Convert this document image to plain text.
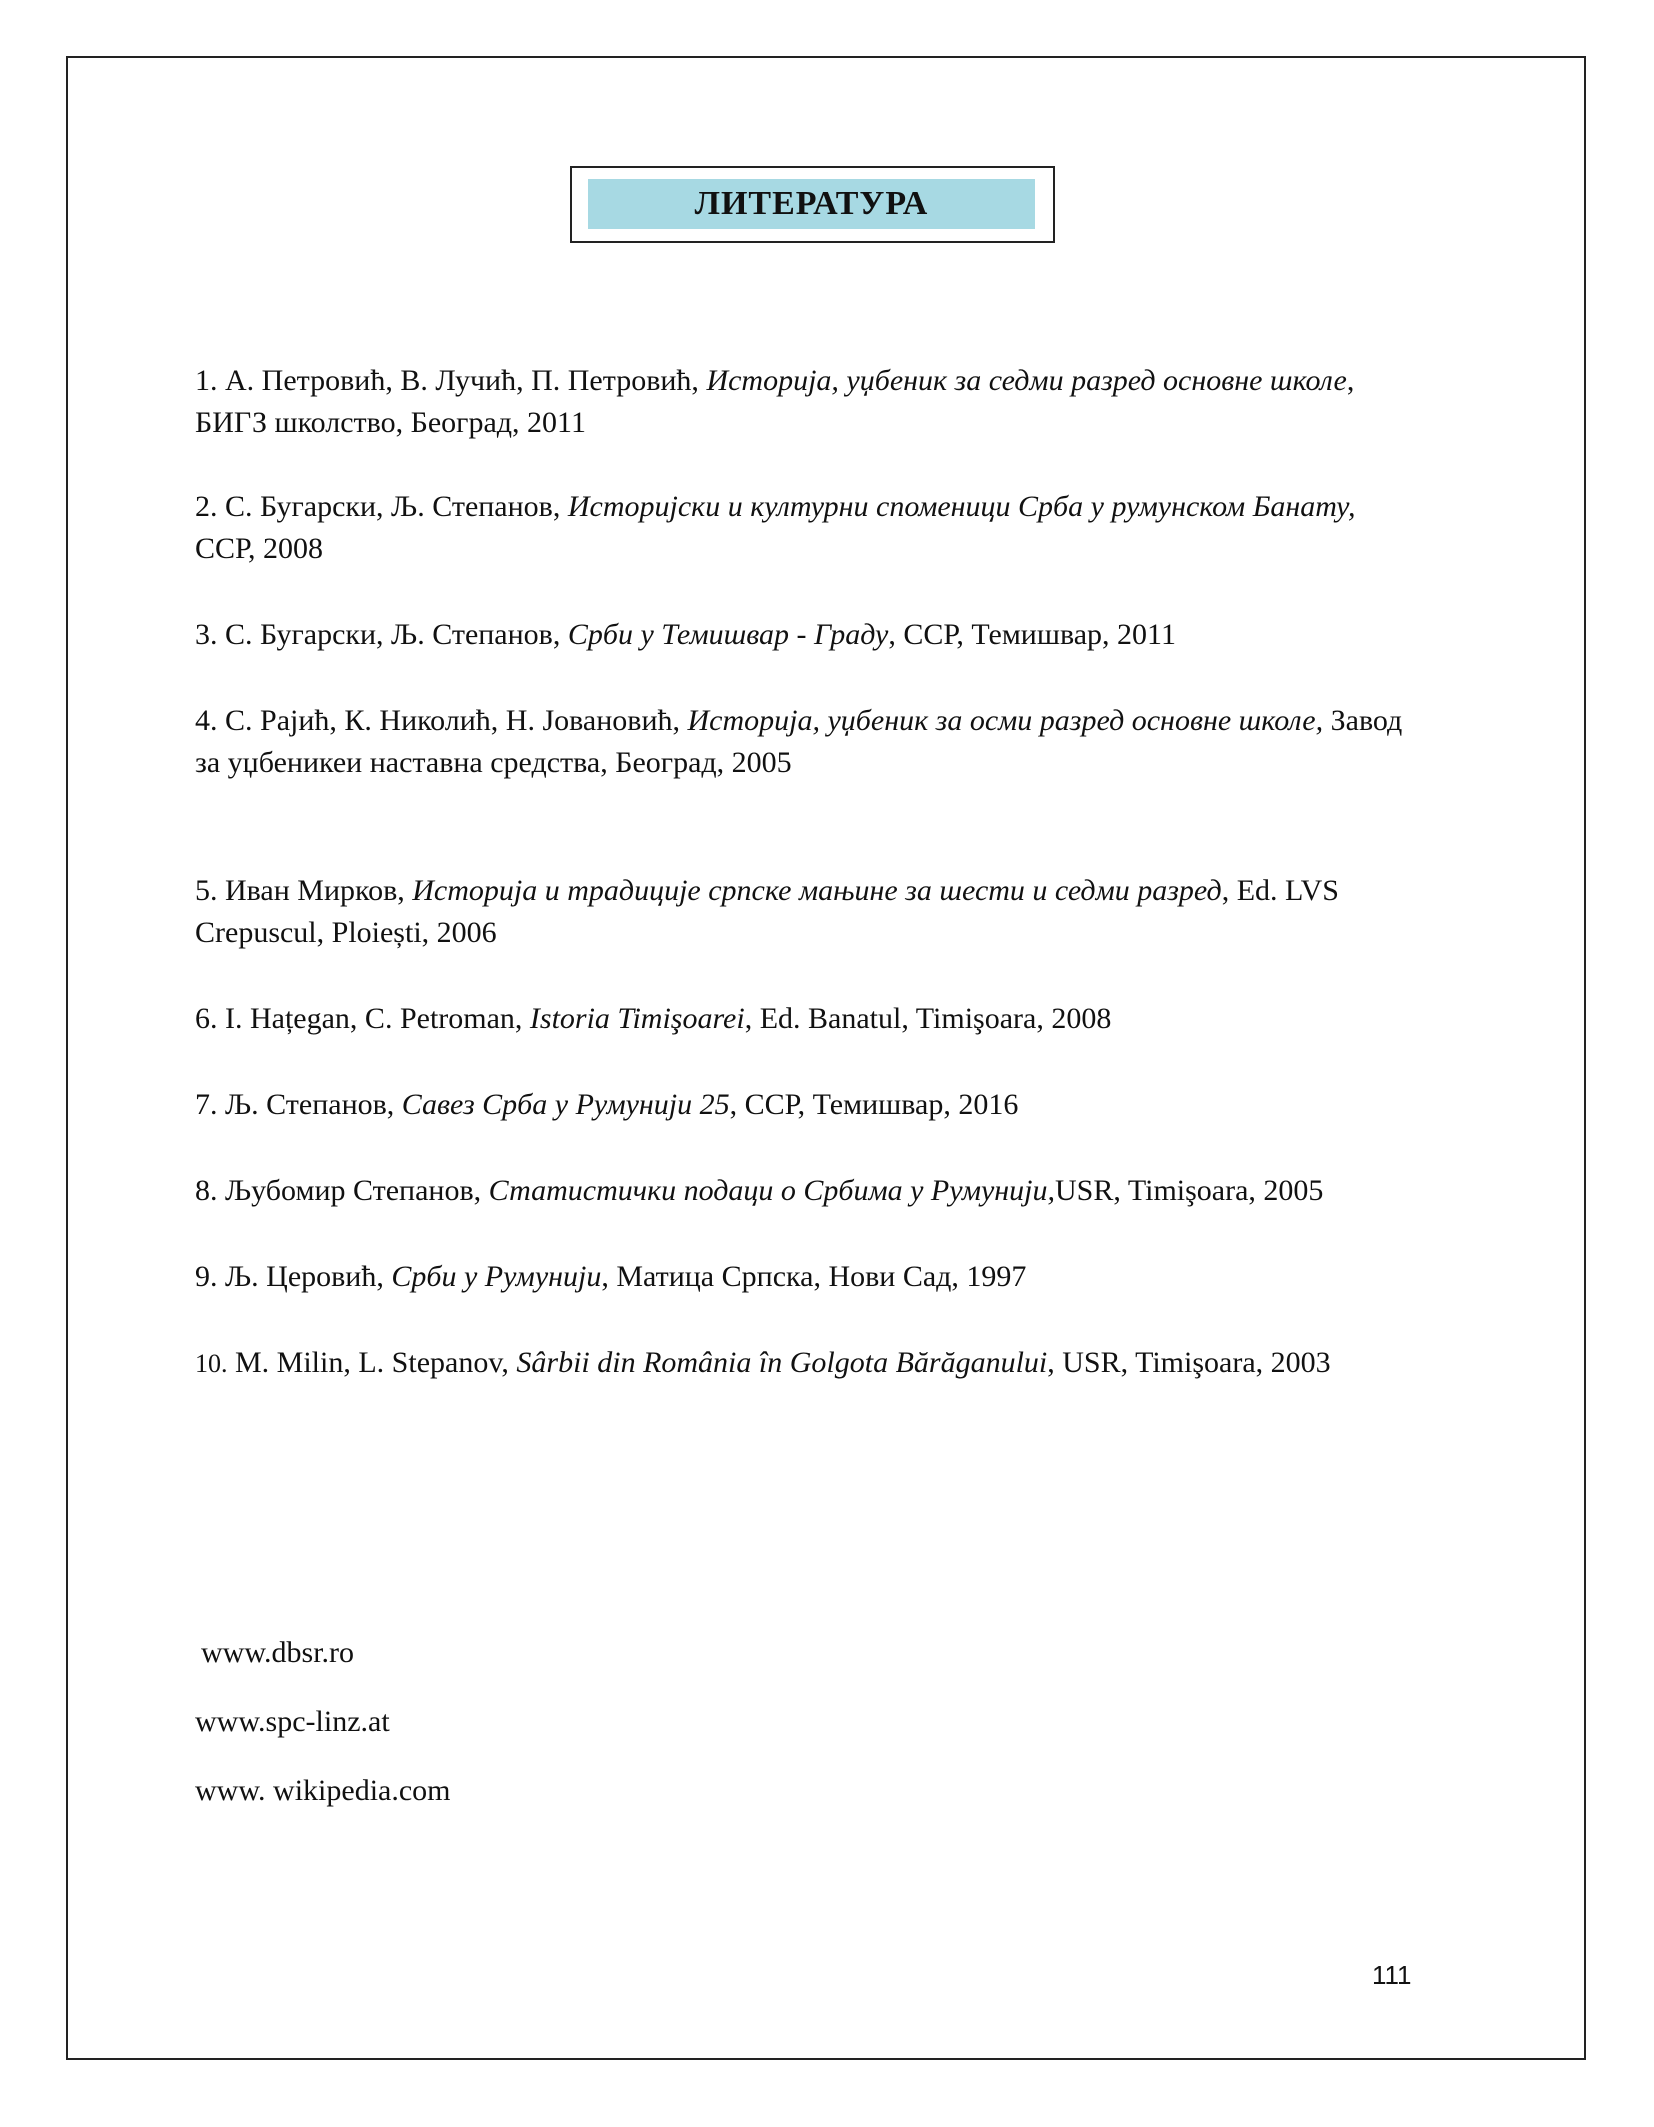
ЛИТЕРАТУРА

1. А. Петровић, В. Лучић, П. Петровић, Историја, уџбеник за седми разред основне школе, БИГЗ школство, Београд, 2011

2. С. Бугарски, Љ. Степанов, Историјски и културни споменици Срба у румунском Банату, ССР, 2008

3. С. Бугарски, Љ. Степанов, Срби у Темишвар - Граду, ССР, Темишвар, 2011

4. С. Рајић, К. Николић, Н. Јовановић, Историја, уџбеник за осми разред основне школе, Завод за уџбеникеи наставна средства, Београд, 2005

5. Иван Мирков, Историја и традиције српске мањине за шести и седми разред, Ed. LVS Crepuscul, Ploiești, 2006

6. I. Hațegan, C. Petroman, Istoria Timişoarei, Ed. Banatul, Timişoara, 2008

7. Љ. Степанов, Савез Срба у Румунији 25, ССР, Темишвар, 2016

8. Љубомир Степанов, Статистички подаци о Србима у Румунији,USR, Timişoara, 2005

9. Љ. Церовић, Срби у Румунији, Матица Српска, Нови Сад, 1997

10. M. Milin, L. Stepanov, Sârbii din România în Golgota Bărăganului, USR, Timişoara, 2003

www.dbsr.ro
www.spc-linz.at
www. wikipedia.com
111
